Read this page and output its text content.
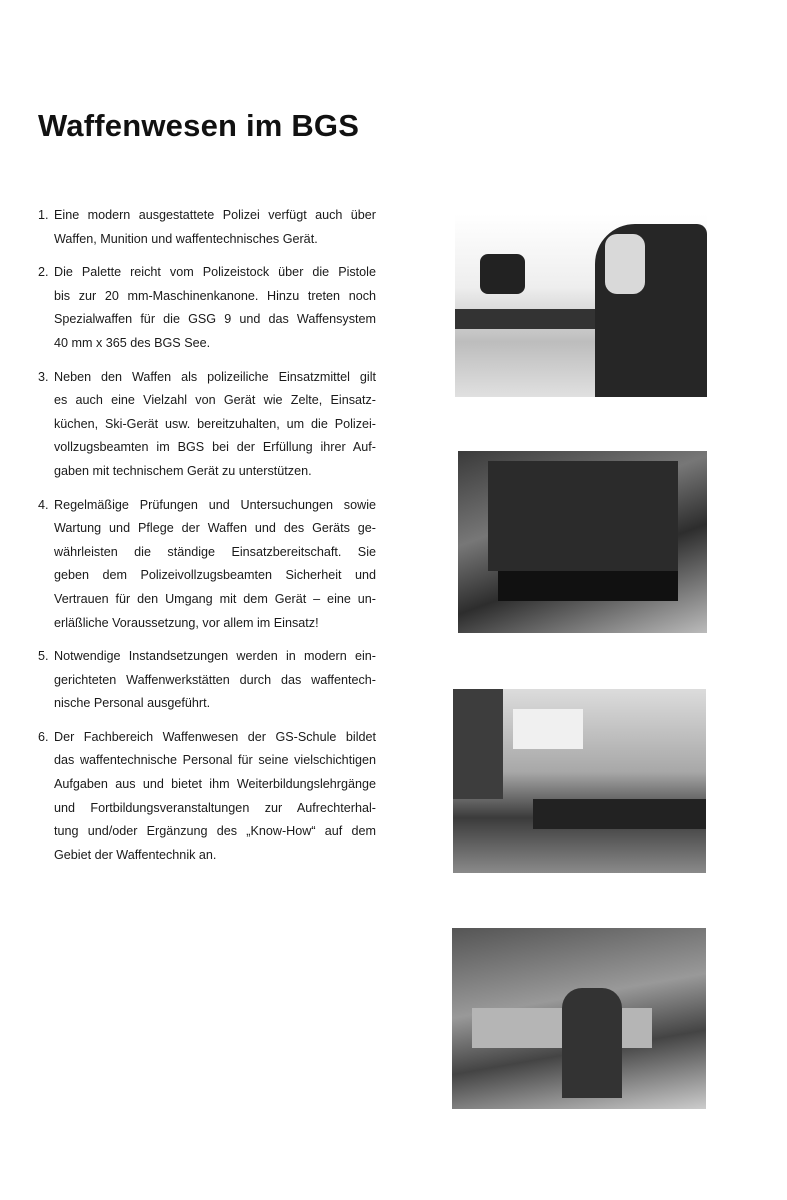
Waffenwesen im BGS
1. Eine modern ausgestattete Polizei verfügt auch über
Waffen, Munition und waffentechnisches Gerät.
2. Die Palette reicht vom Polizeistock über die Pistole
bis zur 20 mm-Maschinenkanone. Hinzu treten noch
Spezialwaffen für die GSG 9 und das Waffensystem
40 mm x 365 des BGS See.
3. Neben den Waffen als polizeiliche Einsatzmittel gilt
es auch eine Vielzahl von Gerät wie Zelte, Einsatz-
küchen, Ski-Gerät usw. bereitzuhalten, um die Polizei-
vollzugsbeamten im BGS bei der Erfüllung ihrer Auf-
gaben mit technischem Gerät zu unterstützen.
4. Regelmäßige Prüfungen und Untersuchungen sowie
Wartung und Pflege der Waffen und des Geräts ge-
währleisten die ständige Einsatzbereitschaft. Sie
geben dem Polizeivollzugsbeamten Sicherheit und
Vertrauen für den Umgang mit dem Gerät – eine un-
erläßliche Voraussetzung, vor allem im Einsatz!
5. Notwendige Instandsetzungen werden in modern ein-
gerichteten Waffenwerkstätten durch das waffentech-
nische Personal ausgeführt.
6. Der Fachbereich Waffenwesen der GS-Schule bildet
das waffentechnische Personal für seine vielschichtigen
Aufgaben aus und bietet ihm Weiterbildungslehrgänge
und Fortbildungsveranstaltungen zur Aufrechterhal-
tung und/oder Ergänzung des „Know-How“ auf dem
Gebiet der Waffentechnik an.
